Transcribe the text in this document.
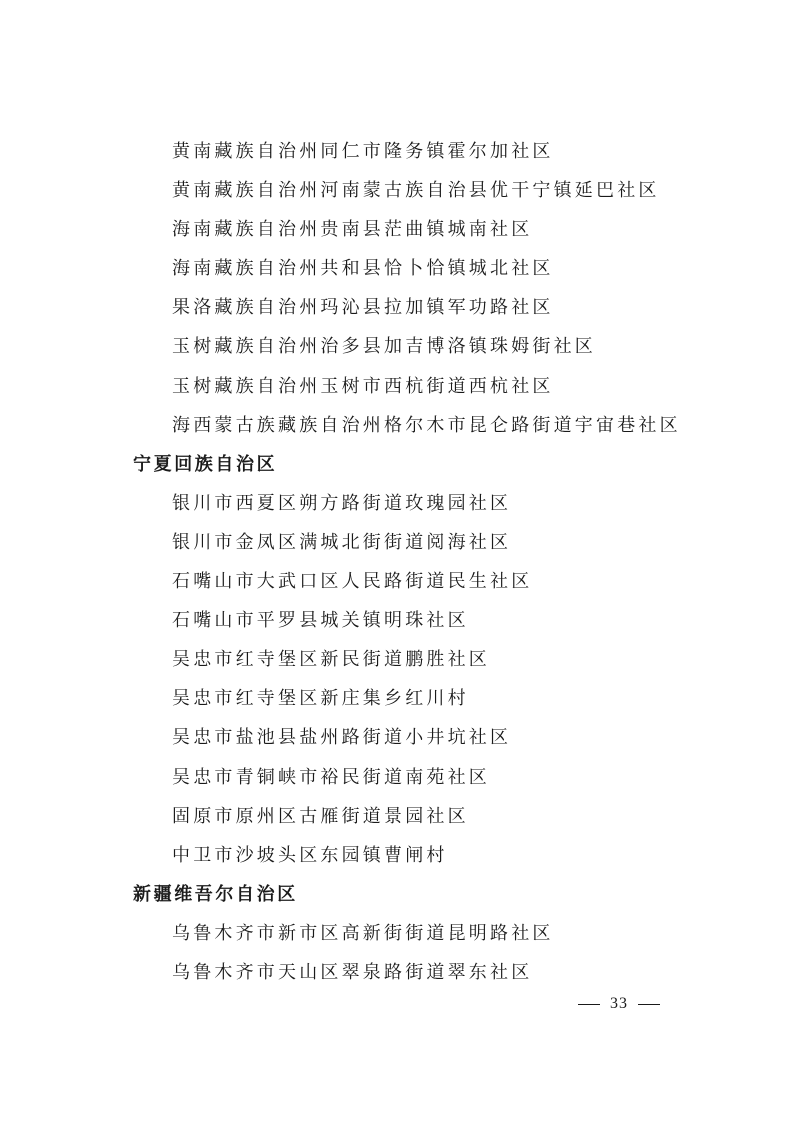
黄南藏族自治州同仁市隆务镇霍尔加社区
黄南藏族自治州河南蒙古族自治县优干宁镇延巴社区
海南藏族自治州贵南县茫曲镇城南社区
海南藏族自治州共和县恰卜恰镇城北社区
果洛藏族自治州玛沁县拉加镇军功路社区
玉树藏族自治州治多县加吉博洛镇珠姆街社区
玉树藏族自治州玉树市西杭街道西杭社区
海西蒙古族藏族自治州格尔木市昆仑路街道宇宙巷社区
宁夏回族自治区
银川市西夏区朔方路街道玫瑰园社区
银川市金凤区满城北街街道阅海社区
石嘴山市大武口区人民路街道民生社区
石嘴山市平罗县城关镇明珠社区
吴忠市红寺堡区新民街道鹏胜社区
吴忠市红寺堡区新庄集乡红川村
吴忠市盐池县盐州路街道小井坑社区
吴忠市青铜峡市裕民街道南苑社区
固原市原州区古雁街道景园社区
中卫市沙坡头区东园镇曹闸村
新疆维吾尔自治区
乌鲁木齐市新市区高新街街道昆明路社区
乌鲁木齐市天山区翠泉路街道翠东社区
33
